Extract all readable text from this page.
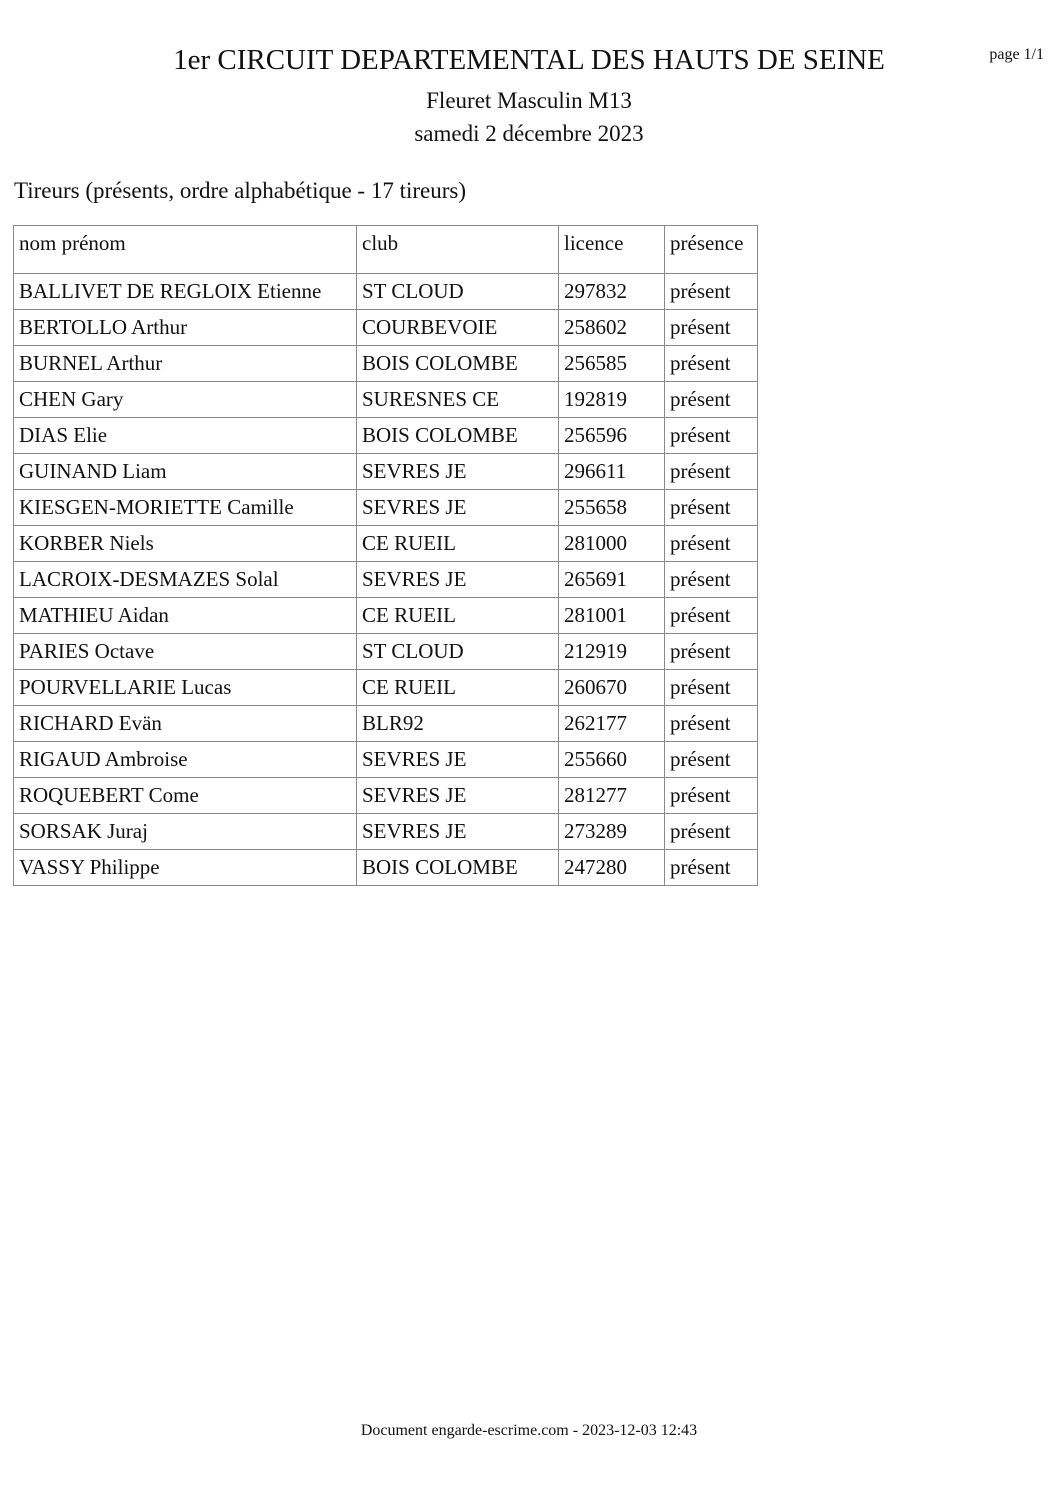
page 1/1
1er CIRCUIT DEPARTEMENTAL DES HAUTS DE SEINE
Fleuret Masculin M13
samedi 2 décembre 2023
Tireurs (présents, ordre alphabétique - 17 tireurs)
nom prénom	club	licence	présence
BALLIVET DE REGLOIX Etienne	ST CLOUD	297832	présent
BERTOLLO Arthur	COURBEVOIE	258602	présent
BURNEL Arthur	BOIS COLOMBE	256585	présent
CHEN Gary	SURESNES CE	192819	présent
DIAS Elie	BOIS COLOMBE	256596	présent
GUINAND Liam	SEVRES JE	296611	présent
KIESGEN-MORIETTE Camille	SEVRES JE	255658	présent
KORBER Niels	CE RUEIL	281000	présent
LACROIX-DESMAZES Solal	SEVRES JE	265691	présent
MATHIEU Aidan	CE RUEIL	281001	présent
PARIES Octave	ST CLOUD	212919	présent
POURVELLARIE Lucas	CE RUEIL	260670	présent
RICHARD Evän	BLR92	262177	présent
RIGAUD Ambroise	SEVRES JE	255660	présent
ROQUEBERT Come	SEVRES JE	281277	présent
SORSAK Juraj	SEVRES JE	273289	présent
VASSY Philippe	BOIS COLOMBE	247280	présent
Document engarde-escrime.com - 2023-12-03 12:43
